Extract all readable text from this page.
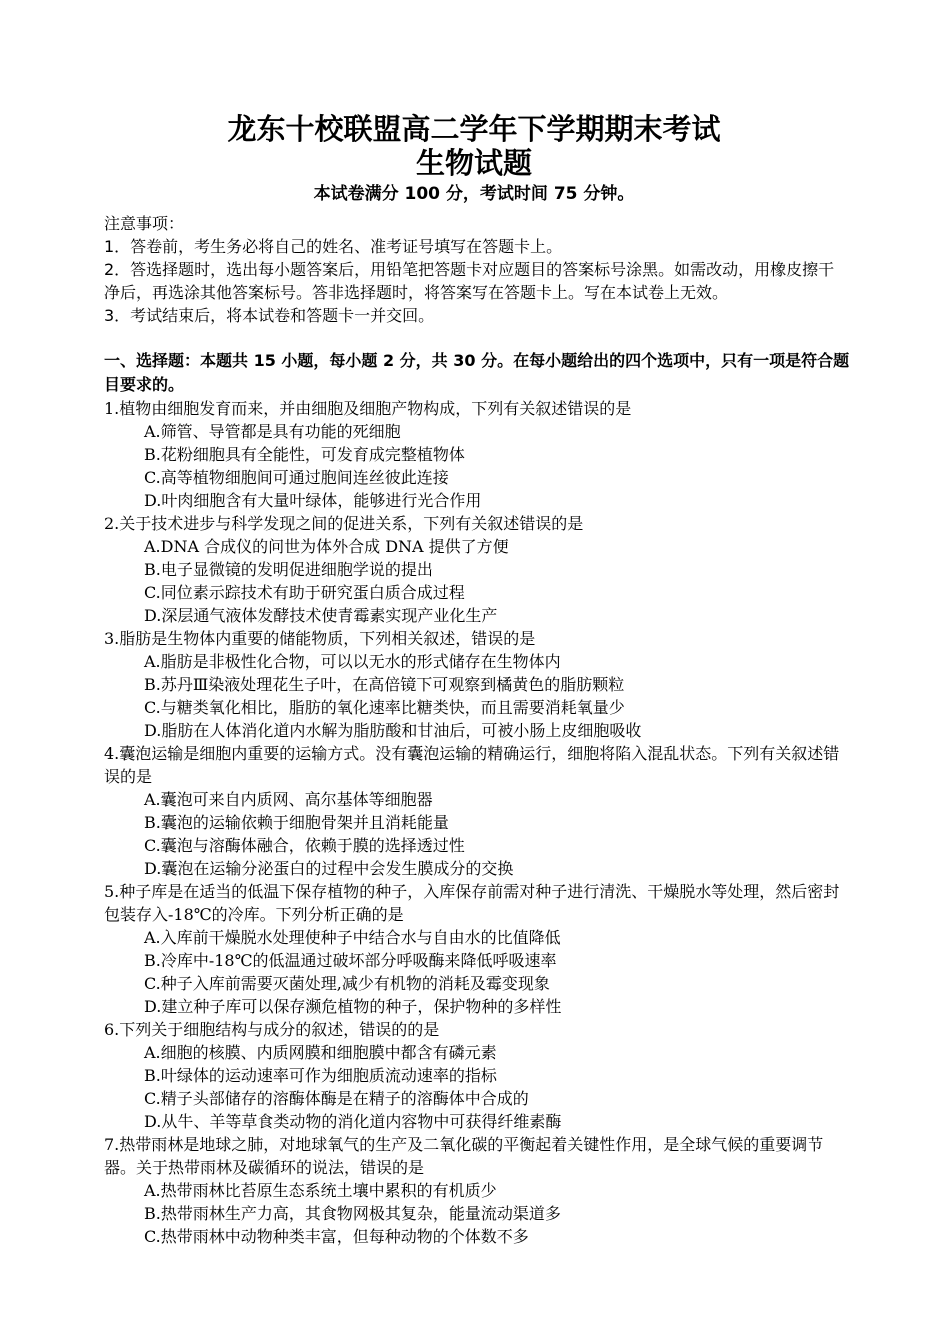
龙东十校联盟高二学年下学期期末考试
生物试题
本试卷满分 100 分，考试时间 75 分钟。

注意事项：

1．答卷前，考生务必将自己的姓名、准考证号填写在答题卡上。

2．答选择题时，选出每小题答案后，用铅笔把答题卡对应题目的答案标号涂黑。如需改动，用橡皮擦干净后，再选涂其他答案标号。答非选择题时，将答案写在答题卡上。写在本试卷上无效。

3．考试结束后，将本试卷和答题卡一并交回。

一、选择题：本题共 15 小题，每小题 2 分，共 30 分。在每小题给出的四个选项中，只有一项是符合题目要求的。

1.植物由细胞发育而来，并由细胞及细胞产物构成，下列有关叙述错误的是

A.筛管、导管都是具有功能的死细胞

B.花粉细胞具有全能性，可发育成完整植物体

C.高等植物细胞间可通过胞间连丝彼此连接

D.叶肉细胞含有大量叶绿体，能够进行光合作用

2.关于技术进步与科学发现之间的促进关系，下列有关叙述错误的是

A.DNA 合成仪的问世为体外合成 DNA 提供了方便

B.电子显微镜的发明促进细胞学说的提出

C.同位素示踪技术有助于研究蛋白质合成过程

D.深层通气液体发酵技术使青霉素实现产业化生产

3.脂肪是生物体内重要的储能物质，下列相关叙述，错误的是

A.脂肪是非极性化合物，可以以无水的形式储存在生物体内

B.苏丹Ⅲ染液处理花生子叶，在高倍镜下可观察到橘黄色的脂肪颗粒

C.与糖类氧化相比，脂肪的氧化速率比糖类快，而且需要消耗氧量少

D.脂肪在人体消化道内水解为脂肪酸和甘油后，可被小肠上皮细胞吸收

4.囊泡运输是细胞内重要的运输方式。没有囊泡运输的精确运行，细胞将陷入混乱状态。下列有关叙述错误的是

A.囊泡可来自内质网、高尔基体等细胞器

B.囊泡的运输依赖于细胞骨架并且消耗能量

C.囊泡与溶酶体融合，依赖于膜的选择透过性

D.囊泡在运输分泌蛋白的过程中会发生膜成分的交换

5.种子库是在适当的低温下保存植物的种子，入库保存前需对种子进行清洗、干燥脱水等处理，然后密封包装存入-18℃的冷库。下列分析正确的是

A.入库前干燥脱水处理使种子中结合水与自由水的比值降低

B.冷库中-18℃的低温通过破坏部分呼吸酶来降低呼吸速率

C.种子入库前需要灭菌处理,减少有机物的消耗及霉变现象

D.建立种子库可以保存濒危植物的种子，保护物种的多样性

6.下列关于细胞结构与成分的叙述，错误的的是

A.细胞的核膜、内质网膜和细胞膜中都含有磷元素

B.叶绿体的运动速率可作为细胞质流动速率的指标

C.精子头部储存的溶酶体酶是在精子的溶酶体中合成的

D.从牛、羊等草食类动物的消化道内容物中可获得纤维素酶

7.热带雨林是地球之肺，对地球氧气的生产及二氧化碳的平衡起着关键性作用，是全球气候的重要调节器。关于热带雨林及碳循环的说法，错误的是

A.热带雨林比苔原生态系统土壤中累积的有机质少

B.热带雨林生产力高，其食物网极其复杂，能量流动渠道多

C.热带雨林中动物种类丰富，但每种动物的个体数不多
